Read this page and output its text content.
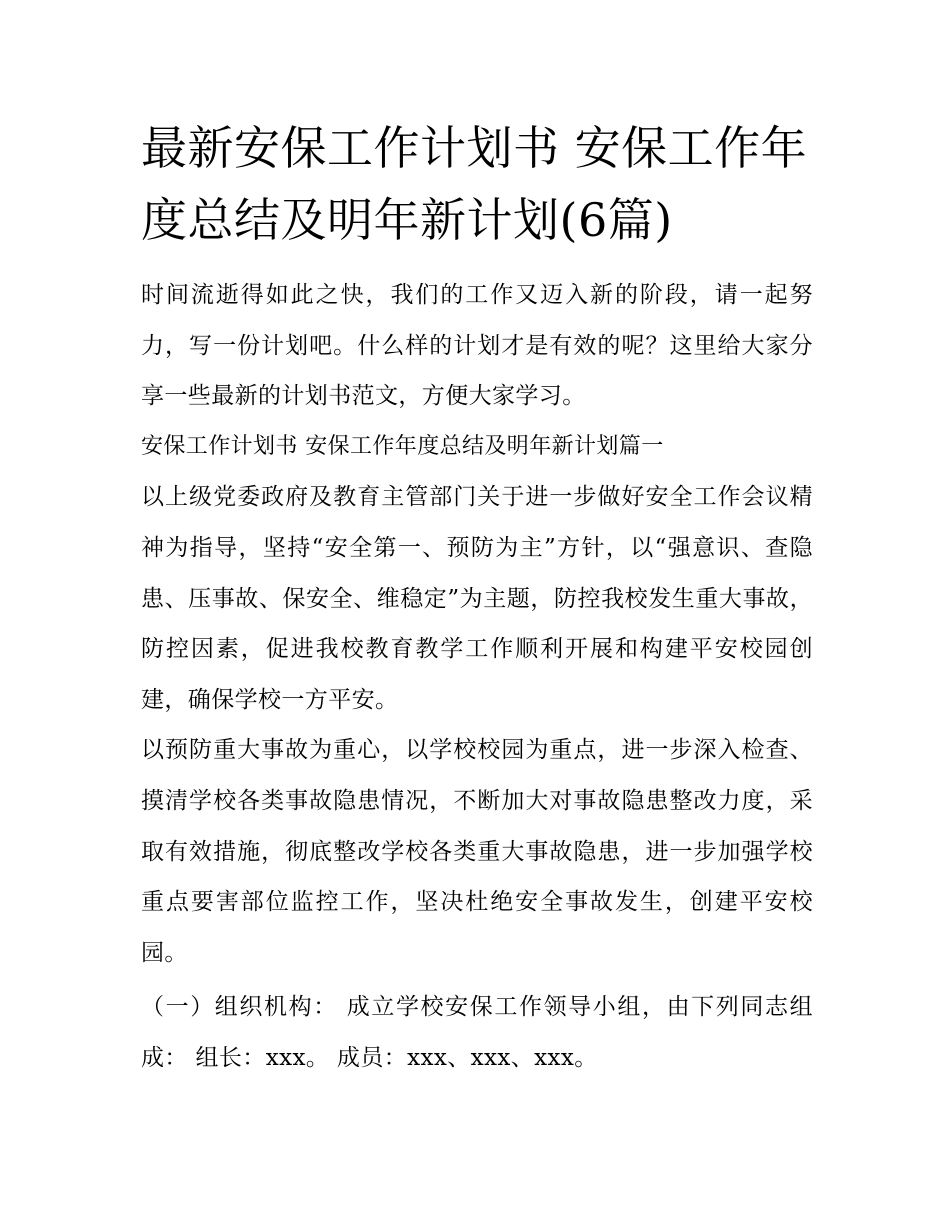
最新安保工作计划书 安保工作年度总结及明年新计划(6篇)

时间流逝得如此之快，我们的工作又迈入新的阶段，请一起努力，写一份计划吧。什么样的计划才是有效的呢？这里给大家分享一些最新的计划书范文，方便大家学习。

安保工作计划书 安保工作年度总结及明年新计划篇一

以上级党委政府及教育主管部门关于进一步做好安全工作会议精神为指导，坚持“安全第一、预防为主”方针，以“强意识、查隐患、压事故、保安全、维稳定”为主题，防控我校发生重大事故，防控因素，促进我校教育教学工作顺利开展和构建平安校园创建，确保学校一方平安。

以预防重大事故为重心，以学校校园为重点，进一步深入检查、摸清学校各类事故隐患情况，不断加大对事故隐患整改力度，采取有效措施，彻底整改学校各类重大事故隐患，进一步加强学校重点要害部位监控工作，坚决杜绝安全事故发生，创建平安校园。

（一）组织机构： 成立学校安保工作领导小组，由下列同志组成： 组长：xxx。 成员：xxx、xxx、xxx。
